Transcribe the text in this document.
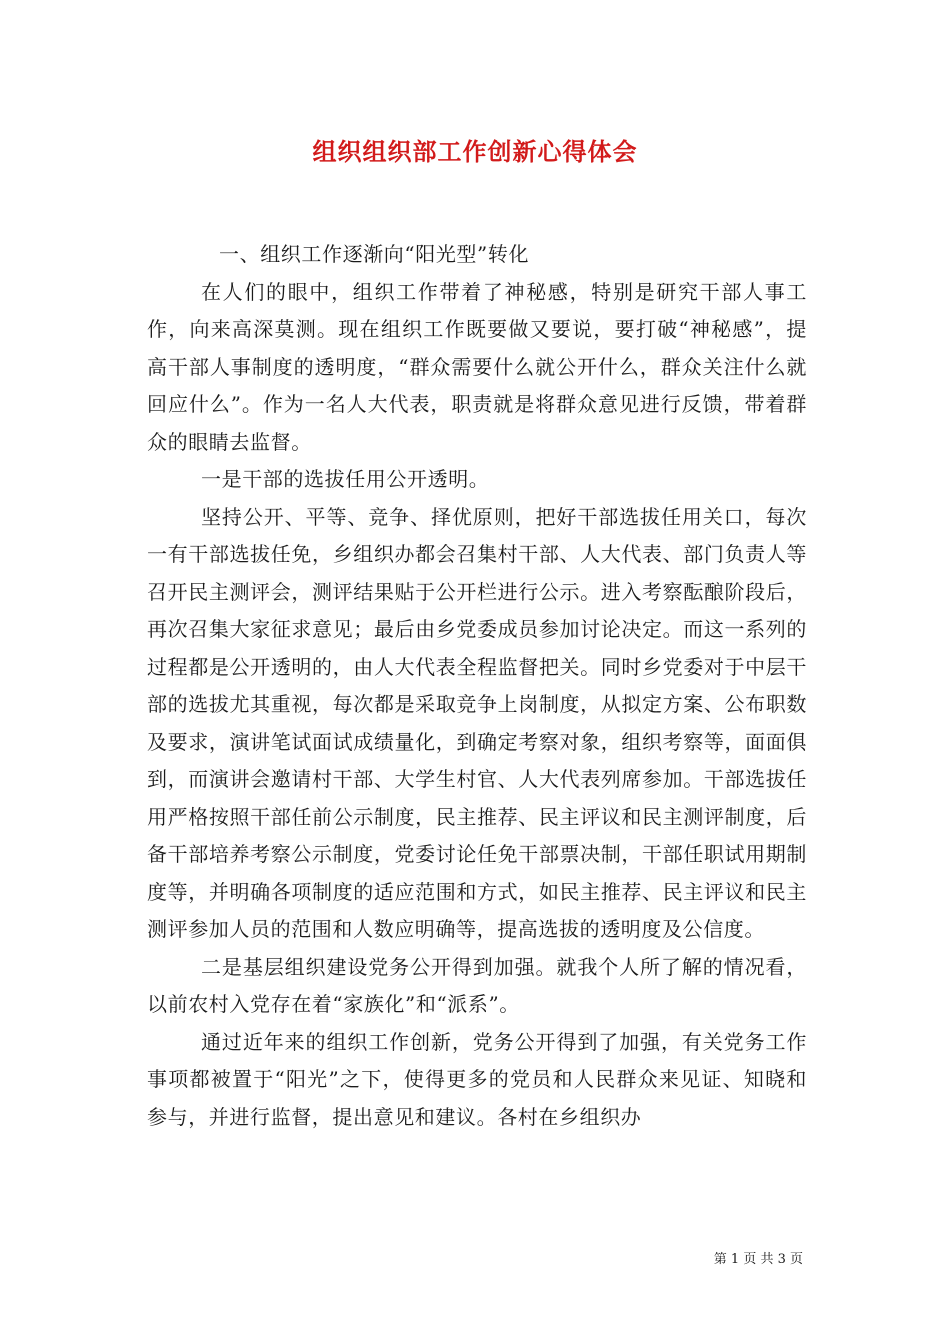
组织组织部工作创新心得体会

一、组织工作逐渐向“阳光型”转化

在人们的眼中，组织工作带着了神秘感，特别是研究干部人事工作，向来高深莫测。现在组织工作既要做又要说，要打破“神秘感”，提高干部人事制度的透明度，“群众需要什么就公开什么，群众关注什么就回应什么”。作为一名人大代表，职责就是将群众意见进行反馈，带着群众的眼睛去监督。

一是干部的选拔任用公开透明。

坚持公开、平等、竞争、择优原则，把好干部选拔任用关口，每次一有干部选拔任免，乡组织办都会召集村干部、人大代表、部门负责人等召开民主测评会，测评结果贴于公开栏进行公示。进入考察酝酿阶段后，再次召集大家征求意见；最后由乡党委成员参加讨论决定。而这一系列的过程都是公开透明的，由人大代表全程监督把关。同时乡党委对于中层干部的选拔尤其重视，每次都是采取竞争上岗制度，从拟定方案、公布职数及要求，演讲笔试面试成绩量化，到确定考察对象，组织考察等，面面俱到，而演讲会邀请村干部、大学生村官、人大代表列席参加。干部选拔任用严格按照干部任前公示制度，民主推荐、民主评议和民主测评制度，后备干部培养考察公示制度，党委讨论任免干部票决制，干部任职试用期制度等，并明确各项制度的适应范围和方式，如民主推荐、民主评议和民主测评参加人员的范围和人数应明确等，提高选拔的透明度及公信度。

二是基层组织建设党务公开得到加强。就我个人所了解的情况看，以前农村入党存在着“家族化”和“派系”。

通过近年来的组织工作创新，党务公开得到了加强，有关党务工作事项都被置于“阳光”之下，使得更多的党员和人民群众来见证、知晓和参与，并进行监督，提出意见和建议。各村在乡组织办

第 1 页 共 3 页
